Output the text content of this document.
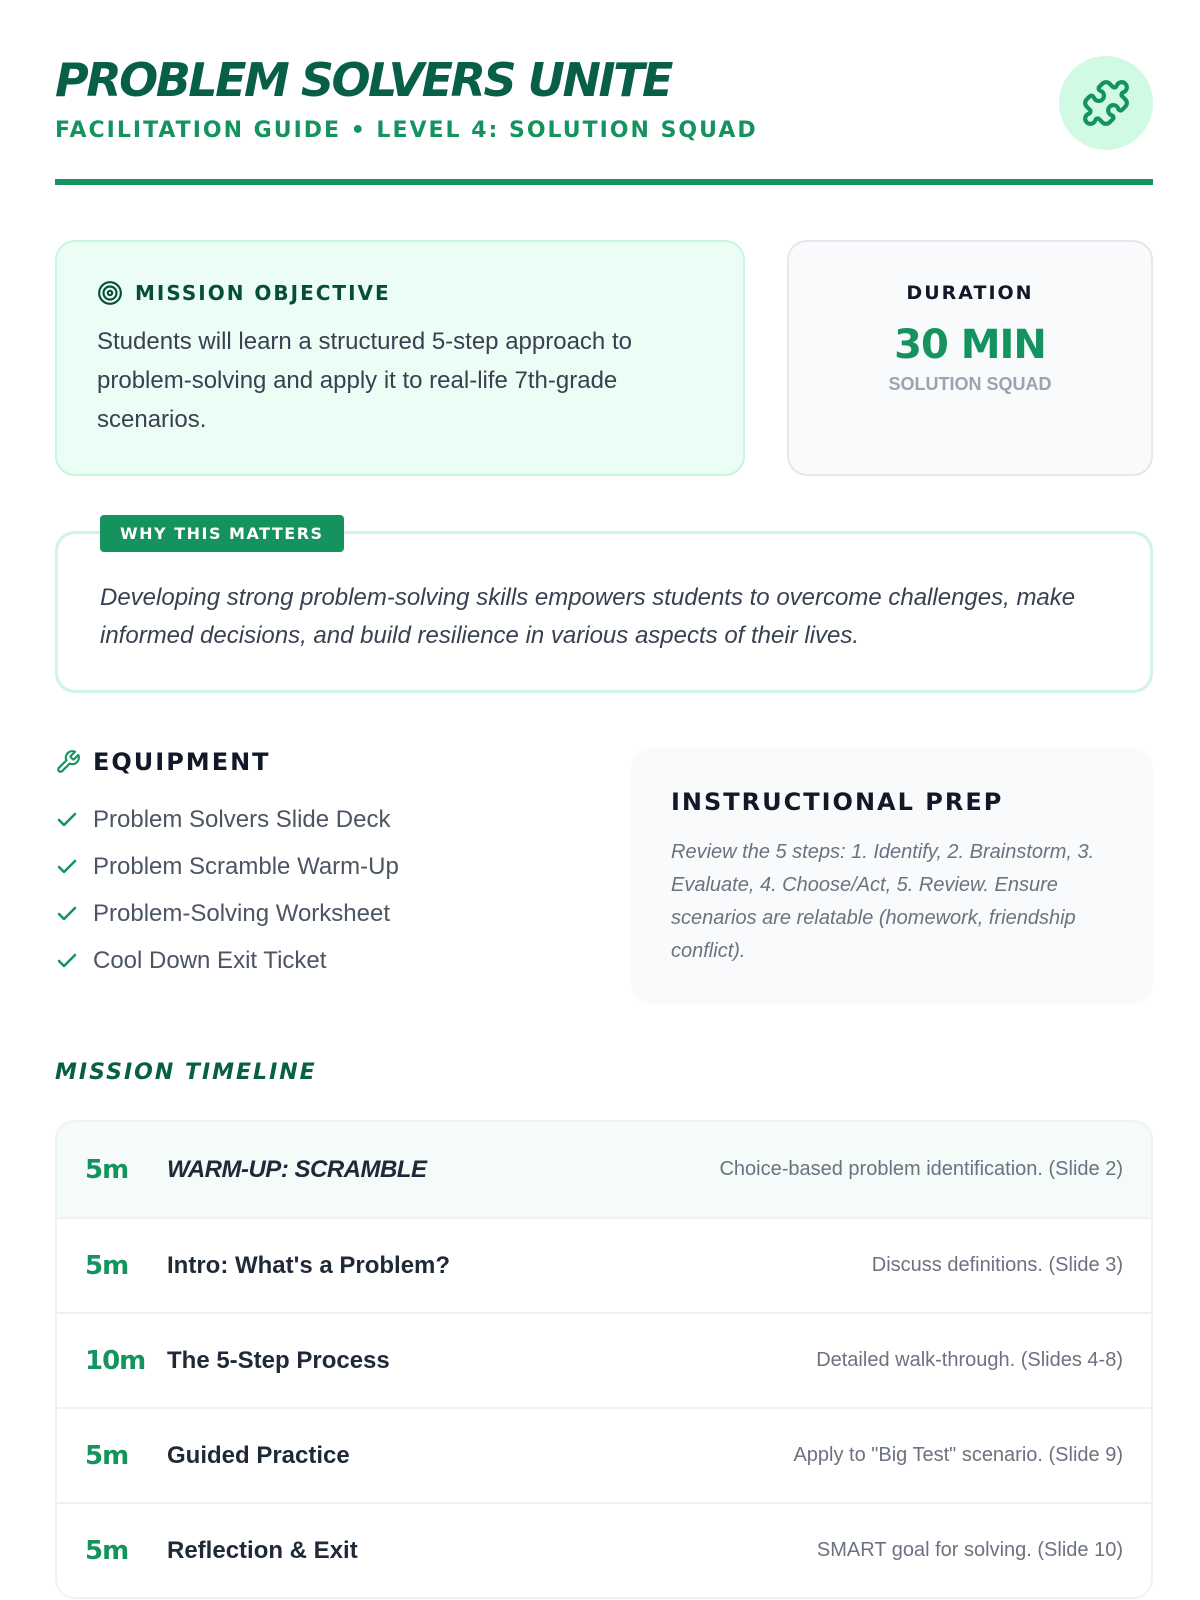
PROBLEM SOLVERS UNITE
FACILITATION GUIDE • LEVEL 4: SOLUTION SQUAD
MISSION OBJECTIVE
Students will learn a structured 5-step approach to problem-solving and apply it to real-life 7th-grade scenarios.
DURATION
30 MIN
SOLUTION SQUAD
WHY THIS MATTERS
Developing strong problem-solving skills empowers students to overcome challenges, make informed decisions, and build resilience in various aspects of their lives.
EQUIPMENT
Problem Solvers Slide Deck
Problem Scramble Warm-Up
Problem-Solving Worksheet
Cool Down Exit Ticket
INSTRUCTIONAL PREP
Review the 5 steps: 1. Identify, 2. Brainstorm, 3. Evaluate, 4. Choose/Act, 5. Review. Ensure scenarios are relatable (homework, friendship conflict).
MISSION TIMELINE
5m	WARM-UP: SCRAMBLE	Choice-based problem identification. (Slide 2)
5m	Intro: What's a Problem?	Discuss definitions. (Slide 3)
10m The 5-Step Process	Detailed walk-through. (Slides 4-8)
5m	Guided Practice	Apply to "Big Test" scenario. (Slide 9)
5m	Reflection & Exit	SMART goal for solving. (Slide 10)
